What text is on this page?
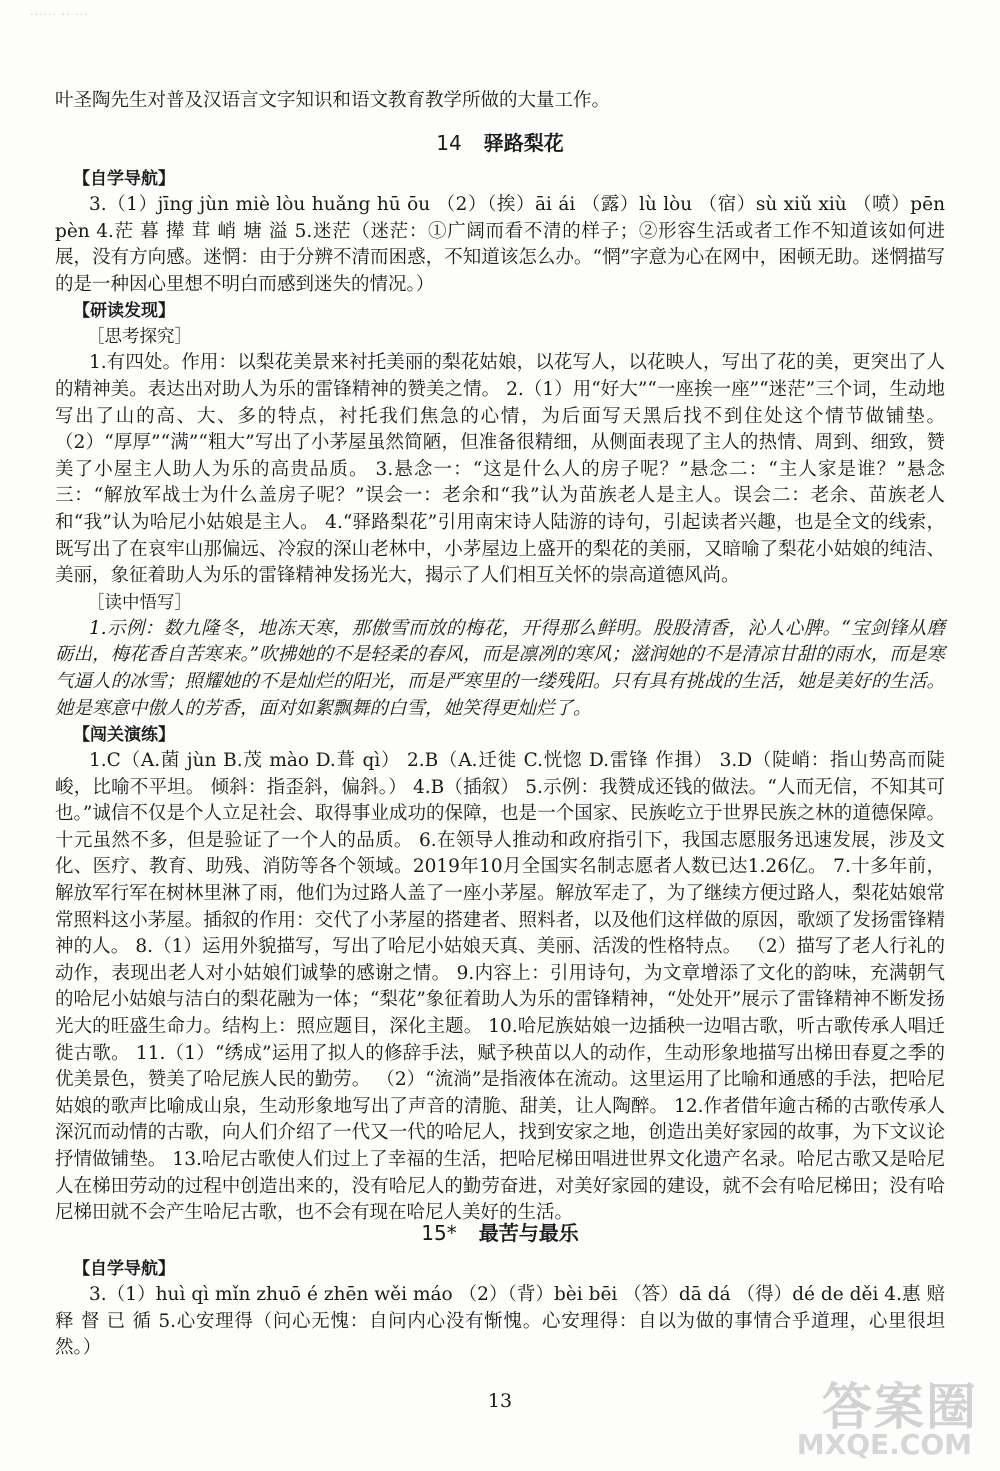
······ ·· ···

叶圣陶先生对普及汉语言文字知识和语文教育教学所做的大量工作。

14 驿路梨花
【自学导航】

3.（1）jīng jùn miè lòu huǎng hū ōu （2）（挨）āi ái （露）lù lòu （宿）sù xiǔ xiù （喷）pēn pèn 4.茫 暮 撵 茸 峭 塘 溢 5.迷茫（迷茫：①广阔而看不清的样子；②形容生活或者工作不知道该如何进展，没有方向感。迷惘：由于分辨不清而困惑，不知道该怎么办。“惘”字意为心在网中，困顿无助。迷惘描写的是一种因心里想不明白而感到迷失的情况。）

【研读发现】
［思考探究］

1.有四处。作用：以梨花美景来衬托美丽的梨花姑娘，以花写人，以花映人，写出了花的美，更突出了人的精神美。表达出对助人为乐的雷锋精神的赞美之情。 2.（1）用“好大”“一座挨一座”“迷茫”三个词，生动地写出了山的高、大、多的特点，衬托我们焦急的心情，为后面写天黑后找不到住处这个情节做铺垫。 （2）“厚厚”“满”“粗大”写出了小茅屋虽然简陋，但准备很精细，从侧面表现了主人的热情、周到、细致，赞美了小屋主人助人为乐的高贵品质。 3.悬念一：“这是什么人的房子呢？”悬念二：“主人家是谁？”悬念三：“解放军战士为什么盖房子呢？”误会一：老余和“我”认为苗族老人是主人。误会二：老余、苗族老人和“我”认为哈尼小姑娘是主人。 4.“驿路梨花”引用南宋诗人陆游的诗句，引起读者兴趣，也是全文的线索，既写出了在哀牢山那偏远、冷寂的深山老林中，小茅屋边上盛开的梨花的美丽，又暗喻了梨花小姑娘的纯洁、美丽，象征着助人为乐的雷锋精神发扬光大，揭示了人们相互关怀的崇高道德风尚。

［读中悟写］

1.示例：数九隆冬，地冻天寒，那傲雪而放的梅花，开得那么鲜明。股股清香，沁人心脾。“宝剑锋从磨砺出，梅花香自苦寒来。”吹拂她的不是轻柔的春风，而是凛冽的寒风；滋润她的不是清凉甘甜的雨水，而是寒气逼人的冰雪；照耀她的不是灿烂的阳光，而是严寒里的一缕残阳。只有具有挑战的生活，她是美好的生活。她是寒意中傲人的芳香，面对如絮飘舞的白雪，她笑得更灿烂了。

【闯关演练】

1.C（A.菌 jùn B.茂 mào D.葺 qì） 2.B（A.迁徙 C.恍惚 D.雷锋 作揖） 3.D（陡峭：指山势高而陡峻，比喻不平坦。 倾斜：指歪斜，偏斜。） 4.B（插叙） 5.示例：我赞成还钱的做法。“人而无信，不知其可也。”诚信不仅是个人立足社会、取得事业成功的保障，也是一个国家、民族屹立于世界民族之林的道德保障。十元虽然不多，但是验证了一个人的品质。 6.在领导人推动和政府指引下，我国志愿服务迅速发展，涉及文化、医疗、教育、助残、消防等各个领域。2019年10月全国实名制志愿者人数已达1.26亿。 7.十多年前，解放军行军在树林里淋了雨，他们为过路人盖了一座小茅屋。解放军走了，为了继续方便过路人，梨花姑娘常常照料这小茅屋。插叙的作用：交代了小茅屋的搭建者、照料者，以及他们这样做的原因，歌颂了发扬雷锋精神的人。 8.（1）运用外貌描写，写出了哈尼小姑娘天真、美丽、活泼的性格特点。 （2）描写了老人行礼的动作，表现出老人对小姑娘们诚挚的感谢之情。 9.内容上：引用诗句，为文章增添了文化的韵味，充满朝气的哈尼小姑娘与洁白的梨花融为一体；“梨花”象征着助人为乐的雷锋精神，“处处开”展示了雷锋精神不断发扬光大的旺盛生命力。结构上：照应题目，深化主题。 10.哈尼族姑娘一边插秧一边唱古歌，听古歌传承人唱迁徙古歌。 11.（1）“绣成”运用了拟人的修辞手法，赋予秧苗以人的动作，生动形象地描写出梯田春夏之季的优美景色，赞美了哈尼族人民的勤劳。 （2）“流淌”是指液体在流动。这里运用了比喻和通感的手法，把哈尼姑娘的歌声比喻成山泉，生动形象地写出了声音的清脆、甜美，让人陶醉。 12.作者借年逾古稀的古歌传承人深沉而动情的古歌，向人们介绍了一代又一代的哈尼人，找到安家之地，创造出美好家园的故事，为下文议论抒情做铺垫。 13.哈尼古歌使人们过上了幸福的生活，把哈尼梯田唱进世界文化遗产名录。哈尼古歌又是哈尼人在梯田劳动的过程中创造出来的，没有哈尼人的勤劳奋进，对美好家园的建设，就不会有哈尼梯田；没有哈尼梯田就不会产生哈尼古歌，也不会有现在哈尼人美好的生活。

15* 最苦与最乐
【自学导航】

3.（1）huì qì mǐn zhuō é zhēn wěi máo （2）（背）bèi bēi （答）dā dá （得）dé de děi 4.惠 赔 释 督 已 循 5.心安理得（问心无愧：自问内心没有惭愧。心安理得：自以为做的事情合乎道理，心里很坦然。）

13	答案圈
MXQE.COM
